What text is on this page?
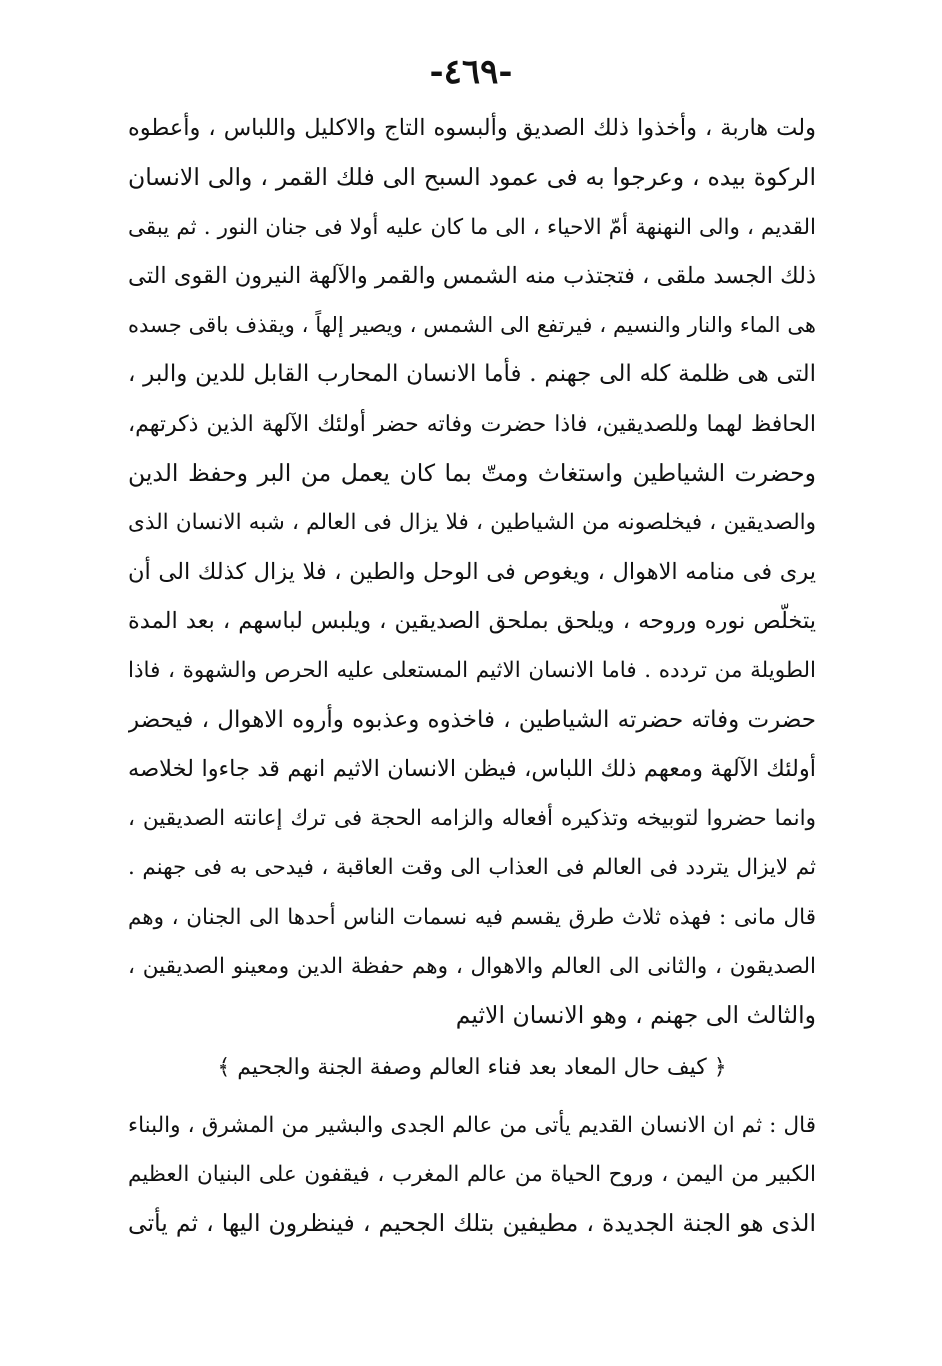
-٤٦٩-
ولت هاربة ، وأخذوا ذلك الصديق وألبسوه التاج والاكليل واللباس ، وأعطوه
الركوة بيده ، وعرجوا به فى عمود السبح الى فلك القمر ، والى الانسان
القديم ، والى النهنهة أمّ الاحياء ، الى ما كان عليه أولا فى جنان النور . ثم يبقى
ذلك الجسد ملقى ، فتجتذب منه الشمس والقمر والآلهة النيرون القوى التى
هى الماء والنار والنسيم ، فيرتفع الى الشمس ، ويصير إلهاً ، ويقذف باقى جسده
التى هى ظلمة كله الى جهنم . فأما الانسان المحارب القابل للدين والبر ،
الحافظ لهما وللصديقين، فاذا حضرت وفاته حضر أولئك الآلهة الذين ذكرتهم،
وحضرت الشياطين واستغاث ومتّ بما كان يعمل من البر وحفظ الدين
والصديقين ، فيخلصونه من الشياطين ، فلا يزال فى العالم ، شبه الانسان الذى
يرى فى منامه الاهوال ، ويغوص فى الوحل والطين ، فلا يزال كذلك الى أن
يتخلّص نوره وروحه ، ويلحق بملحق الصديقين ، ويلبس لباسهم ، بعد المدة
الطويلة من تردده . فاما الانسان الاثيم المستعلى عليه الحرص والشهوة ، فاذا
حضرت وفاته حضرته الشياطين ، فاخذوه وعذبوه وأروه الاهوال ، فيحضر
أولئك الآلهة ومعهم ذلك اللباس، فيظن الانسان الاثيم انهم قد جاءوا لخلاصه
وانما حضروا لتوبيخه وتذكيره أفعاله والزامه الحجة فى ترك إعانته الصديقين ،
ثم لايزال يتردد فى العالم فى العذاب الى وقت العاقبة ، فيدحى به فى جهنم .
قال مانى : فهذه ثلاث طرق يقسم فيه نسمات الناس أحدها الى الجنان ، وهم
الصديقون ، والثانى الى العالم والاهوال ، وهم حفظة الدين ومعينو الصديقين ،
والثالث الى جهنم ، وهو الانسان الاثيم
﴿ كيف حال المعاد بعد فناء العالم وصفة الجنة والجحيم ﴾
قال : ثم ان الانسان القديم يأتى من عالم الجدى والبشير من المشرق ، والبناء
الكبير من اليمن ، وروح الحياة من عالم المغرب ، فيقفون على البنيان العظيم
الذى هو الجنة الجديدة ، مطيفين بتلك الجحيم ، فينظرون اليها ، ثم يأتى
